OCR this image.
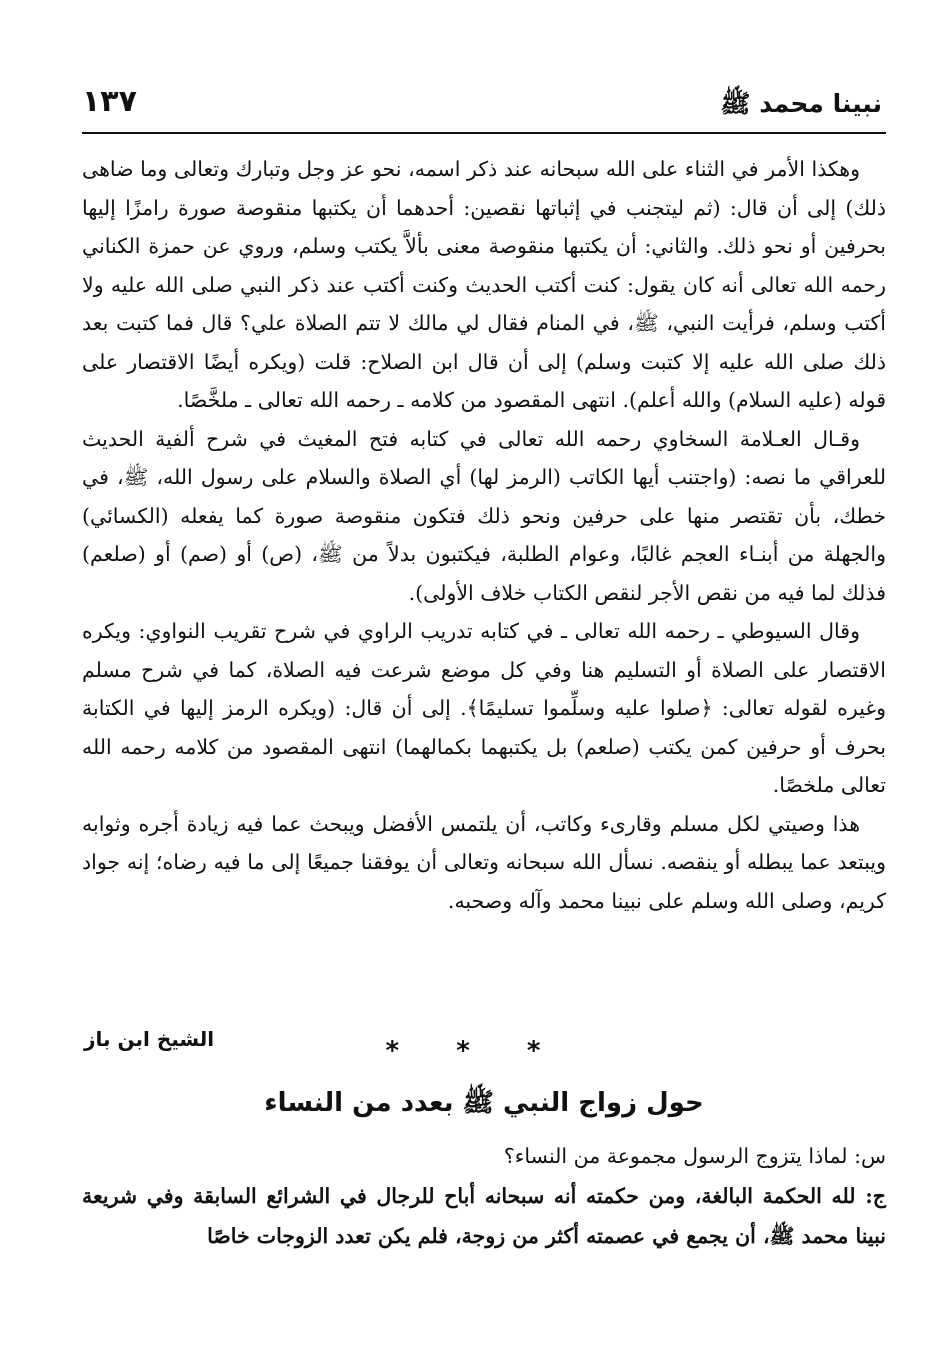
نبينا محمد ﷺ
١٣٧

وهكذا الأمر في الثناء على الله سبحانه عند ذكر اسمه، نحو عز وجل وتبارك وتعالى وما ضاهى ذلك) إلى أن قال: (ثم ليتجنب في إثباتها نقصين: أحدهما أن يكتبها منقوصة صورة رامزًا إليها بحرفين أو نحو ذلك. والثاني: أن يكتبها منقوصة معنى بألاَّ يكتب وسلم، وروي عن حمزة الكناني رحمه الله تعالى أنه كان يقول: كنت أكتب الحديث وكنت أكتب عند ذكر النبي صلى الله عليه ولا أكتب وسلم، فرأيت النبي، ﷺ، في المنام فقال لي مالك لا تتم الصلاة علي؟ قال فما كتبت بعد ذلك صلى الله عليه إلا كتبت وسلم) إلى أن قال ابن الصلاح: قلت (ويكره أيضًا الاقتصار على قوله (عليه السلام) والله أعلم). انتهى المقصود من كلامه ـ رحمه الله تعالى ـ ملخَّصًا.

وقـال العـلامة السخاوي رحمه الله تعالى في كتابه فتح المغيث في شرح ألفية الحديث للعراقي ما نصه: (واجتنب أيها الكاتب (الرمز لها) أي الصلاة والسلام على رسول الله، ﷺ، في خطك، بأن تقتصر منها على حرفين ونحو ذلك فتكون منقوصة صورة كما يفعله (الكسائي) والجهلة من أبنـاء العجم غالبًا، وعوام الطلبة، فيكتبون بدلاً من ﷺ، (ص) أو (صم) أو (صلعم) فذلك لما فيه من نقص الأجر لنقص الكتاب خلاف الأولى).

وقال السيوطي ـ رحمه الله تعالى ـ في كتابه تدريب الراوي في شرح تقريب النواوي: ويكره الاقتصار على الصلاة أو التسليم هنا وفي كل موضع شرعت فيه الصلاة، كما في شرح مسلم وغيره لقوله تعالى: ﴿صلوا عليه وسلِّموا تسليمًا﴾. إلى أن قال: (ويكره الرمز إليها في الكتابة بحرف أو حرفين كمن يكتب (صلعم) بل يكتبهما بكمالهما) انتهى المقصود من كلامه رحمه الله تعالى ملخصًا.

هذا وصيتي لكل مسلم وقارىء وكاتب، أن يلتمس الأفضل ويبحث عما فيه زيادة أجره وثوابه ويبتعد عما يبطله أو ينقصه. نسأل الله سبحانه وتعالى أن يوفقنا جميعًا إلى ما فيه رضاه؛ إنه جواد كريم، وصلى الله وسلم على نبينا محمد وآله وصحبه.

الشيخ ابن باز	* * *
حول زواج النبي ﷺ بعدد من النساء

س: لماذا يتزوج الرسول مجموعة من النساء؟

ج: لله الحكمة البالغة، ومن حكمته أنه سبحانه أباح للرجال في الشرائع السابقة وفي شريعة نبينا محمد ﷺ، أن يجمع في عصمته أكثر من زوجة، فلم يكن تعدد الزوجات خاصًا
